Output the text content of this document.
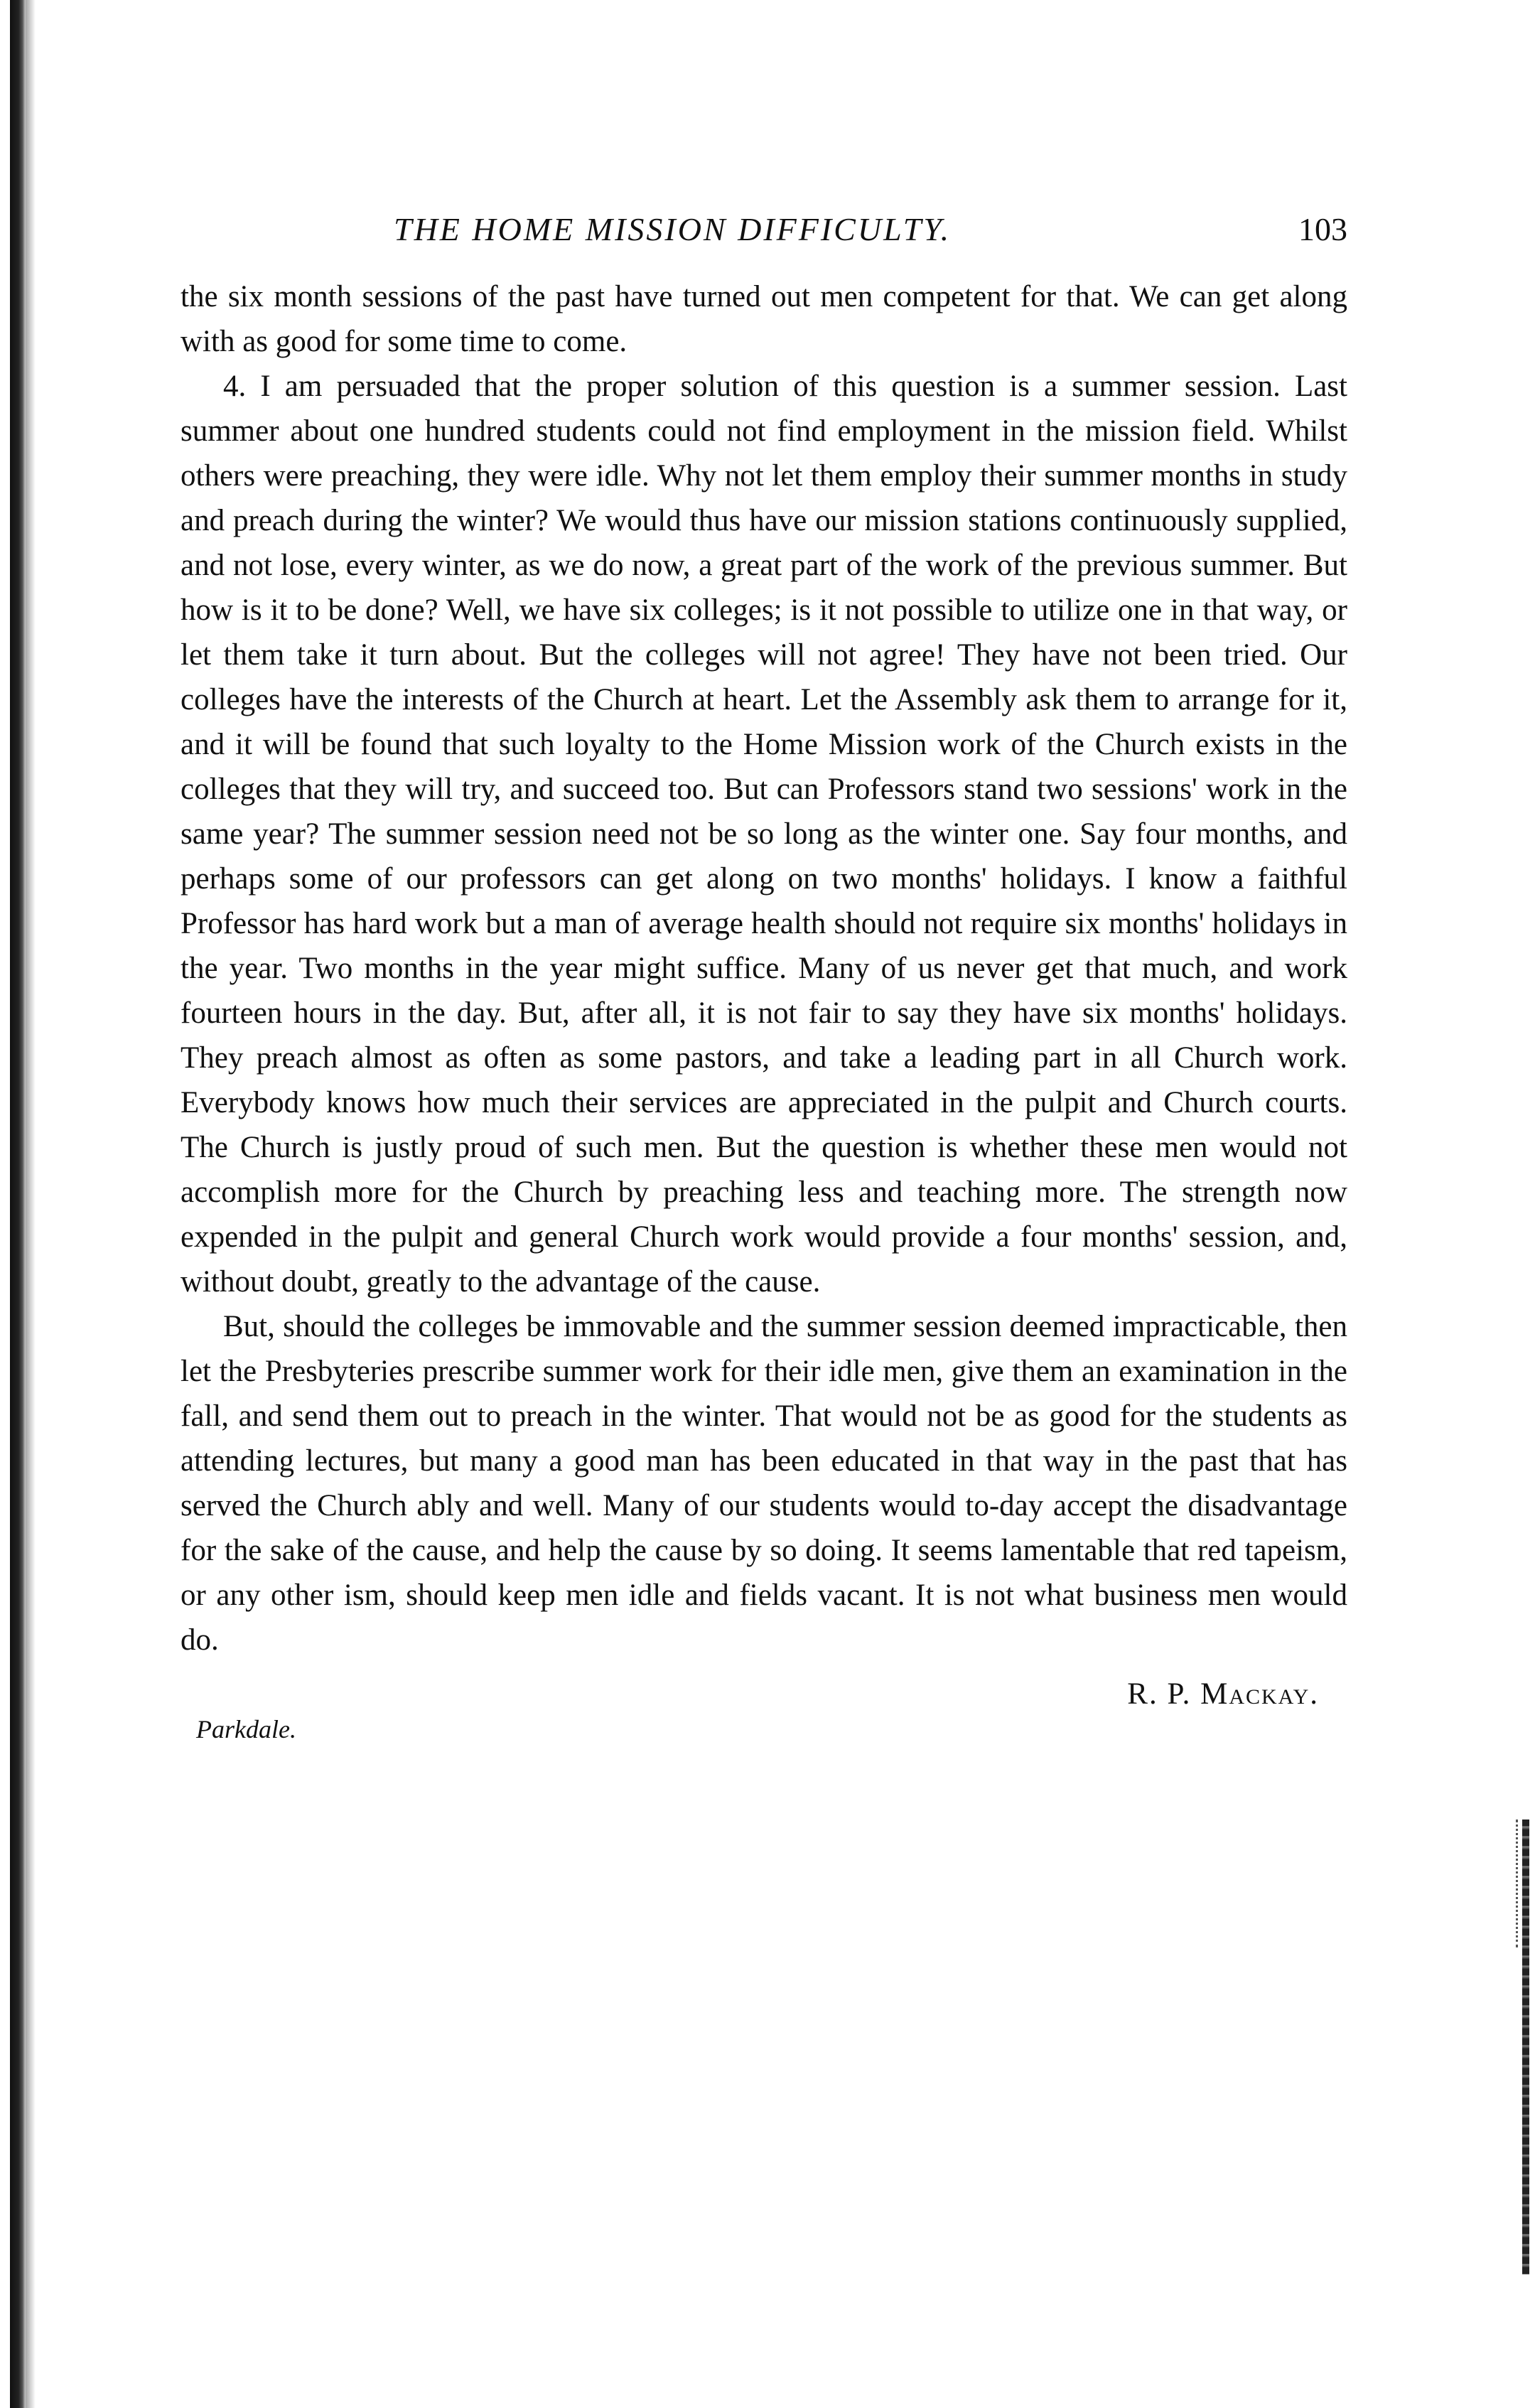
THE HOME MISSION DIFFICULTY.	103

the six month sessions of the past have turned out men competent for that. We can get along with as good for some time to come.

4. I am persuaded that the proper solution of this question is a summer session. Last summer about one hundred students could not find employment in the mission field. Whilst others were preaching, they were idle. Why not let them employ their summer months in study and preach during the winter? We would thus have our mission stations continuously supplied, and not lose, every winter, as we do now, a great part of the work of the previous summer. But how is it to be done? Well, we have six colleges; is it not possible to utilize one in that way, or let them take it turn about. But the colleges will not agree! They have not been tried. Our colleges have the interests of the Church at heart. Let the Assembly ask them to arrange for it, and it will be found that such loyalty to the Home Mission work of the Church exists in the colleges that they will try, and succeed too. But can Professors stand two sessions' work in the same year? The summer session need not be so long as the winter one. Say four months, and perhaps some of our professors can get along on two months' holidays. I know a faithful Professor has hard work but a man of average health should not require six months' holidays in the year. Two months in the year might suffice. Many of us never get that much, and work fourteen hours in the day. But, after all, it is not fair to say they have six months' holidays. They preach almost as often as some pastors, and take a leading part in all Church work. Everybody knows how much their services are appreciated in the pulpit and Church courts. The Church is justly proud of such men. But the question is whether these men would not accomplish more for the Church by preaching less and teaching more. The strength now expended in the pulpit and general Church work would provide a four months' session, and, without doubt, greatly to the advantage of the cause.

But, should the colleges be immovable and the summer session deemed impracticable, then let the Presbyteries prescribe summer work for their idle men, give them an examination in the fall, and send them out to preach in the winter. That would not be as good for the students as attending lectures, but many a good man has been educated in that way in the past that has served the Church ably and well. Many of our students would to-day accept the disadvantage for the sake of the cause, and help the cause by so doing. It seems lamentable that red tapeism, or any other ism, should keep men idle and fields vacant. It is not what business men would do.

R. P. Mackay.
Parkdale.
